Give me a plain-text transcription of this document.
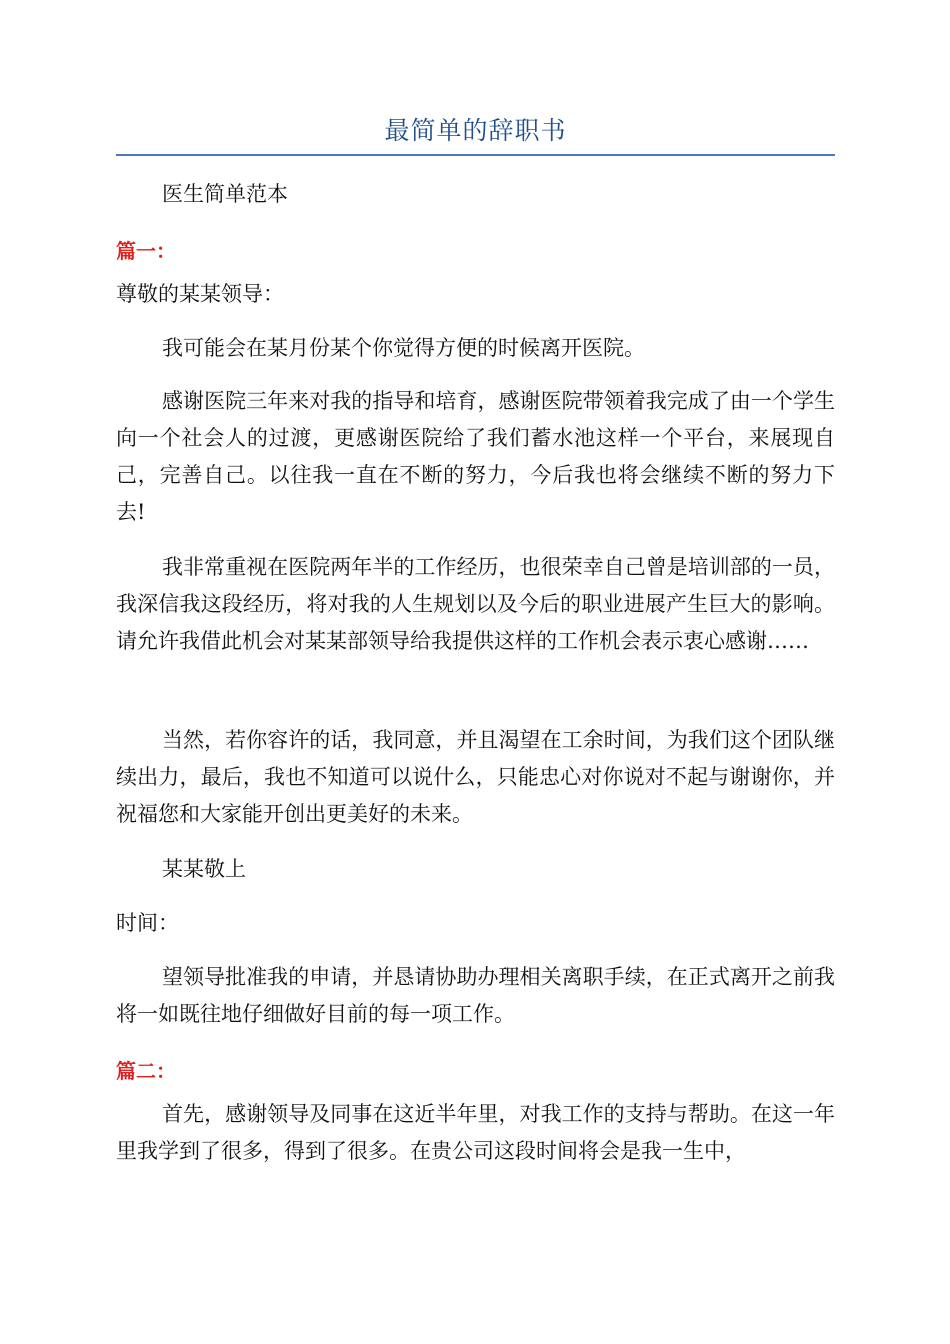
最简单的辞职书

医生简单范本

篇一：

尊敬的某某领导：

我可能会在某月份某个你觉得方便的时候离开医院。

感谢医院三年来对我的指导和培育，感谢医院带领着我完成了由一个学生向一个社会人的过渡，更感谢医院给了我们蓄水池这样一个平台，来展现自己，完善自己。以往我一直在不断的努力，今后我也将会继续不断的努力下去!

我非常重视在医院两年半的工作经历，也很荣幸自己曾是培训部的一员，我深信我这段经历，将对我的人生规划以及今后的职业进展产生巨大的影响。请允许我借此机会对某某部领导给我提供这样的工作机会表示衷心感谢……

当然，若你容许的话，我同意，并且渴望在工余时间，为我们这个团队继续出力，最后，我也不知道可以说什么，只能忠心对你说对不起与谢谢你，并祝福您和大家能开创出更美好的未来。

某某敬上

时间：

望领导批准我的申请，并恳请协助办理相关离职手续，在正式离开之前我将一如既往地仔细做好目前的每一项工作。

篇二：

首先，感谢领导及同事在这近半年里，对我工作的支持与帮助。在这一年里我学到了很多，得到了很多。在贵公司这段时间将会是我一生中，
